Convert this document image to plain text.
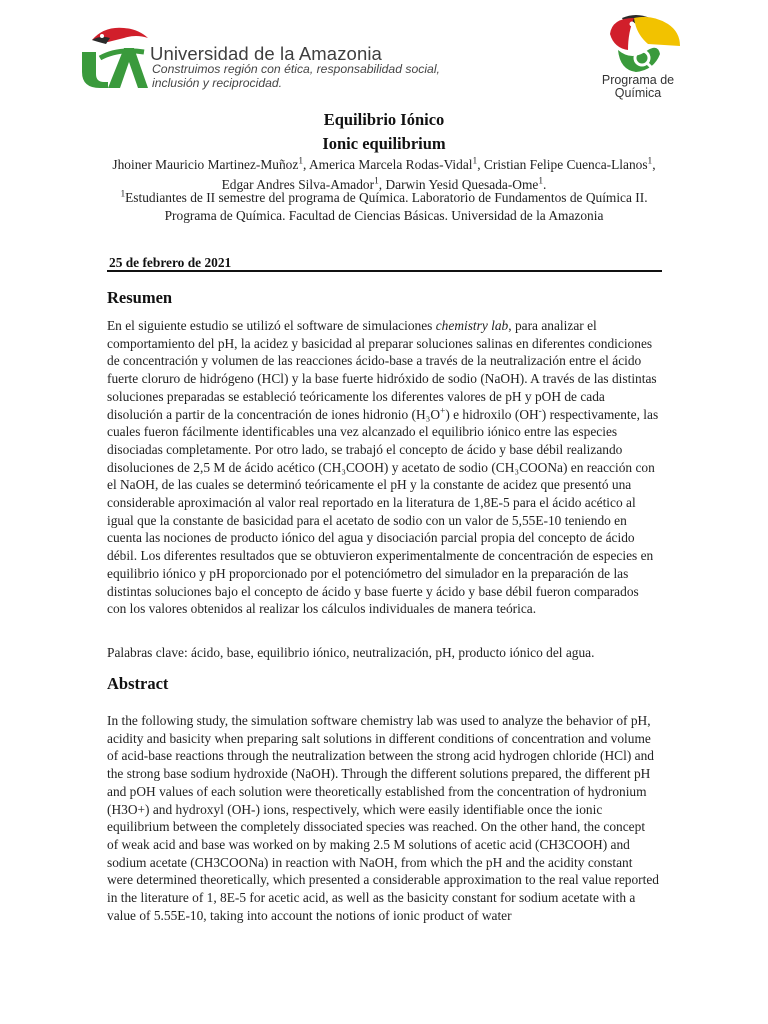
Universidad de la Amazonia
Construimos región con ética, responsabilidad social, inclusión y reciprocidad.	Programa de Química
Equilibrio Iónico
Ionic equilibrium
Jhoiner Mauricio Martinez-Muñoz$^1$, America Marcela Rodas-Vidal$^1$, Cristian Felipe Cuenca-Llanos$^1$, Edgar Andres Silva-Amador$^1$, Darwin Yesid Quesada-Ome$^1$.
$^1$Estudiantes de II semestre del programa de Química. Laboratorio de Fundamentos de Química II. Programa de Química. Facultad de Ciencias Básicas. Universidad de la Amazonia
25 de febrero de 2021
Resumen

En el siguiente estudio se utilizó el software de simulaciones chemistry lab, para analizar el comportamiento del pH, la acidez y basicidad al preparar soluciones salinas en diferentes condiciones de concentración y volumen de las reacciones ácido-base a través de la neutralización entre el ácido fuerte cloruro de hidrógeno (HCl) y la base fuerte hidróxido de sodio (NaOH). A través de las distintas soluciones preparadas se estableció teóricamente los diferentes valores de pH y pOH de cada disolución a partir de la concentración de iones hidronio (H₃O+) e hidroxilo (OH-) respectivamente, las cuales fueron fácilmente identificables una vez alcanzado el equilibrio iónico entre las especies disociadas completamente. Por otro lado, se trabajó el concepto de ácido y base débil realizando disoluciones de 2,5 M de ácido acético (CH₃COOH) y acetato de sodio (CH₃COONa) en reacción con el NaOH, de las cuales se determinó teóricamente el pH y la constante de acidez que presentó una considerable aproximación al valor real reportado en la literatura de 1,8E-5 para el ácido acético al igual que la constante de basicidad para el acetato de sodio con un valor de 5,55E-10 teniendo en cuenta las nociones de producto iónico del agua y disociación parcial propia del concepto de ácido débil. Los diferentes resultados que se obtuvieron experimentalmente de concentración de especies en equilibrio iónico y pH proporcionado por el potenciómetro del simulador en la preparación de las distintas soluciones bajo el concepto de ácido y base fuerte y ácido y base débil fueron comparados con los valores obtenidos al realizar los cálculos individuales de manera teórica.

Palabras clave: ácido, base, equilibrio iónico, neutralización, pH, producto iónico del agua.

Abstract

In the following study, the simulation software chemistry lab was used to analyze the behavior of pH, acidity and basicity when preparing salt solutions in different conditions of concentration and volume of acid-base reactions through the neutralization between the strong acid hydrogen chloride (HCl) and the strong base sodium hydroxide (NaOH). Through the different solutions prepared, the different pH and pOH values of each solution were theoretically established from the concentration of hydronium (H3O+) and hydroxyl (OH-) ions, respectively, which were easily identifiable once the ionic equilibrium between the completely dissociated species was reached. On the other hand, the concept of weak acid and base was worked on by making 2.5 M solutions of acetic acid (CH3COOH) and sodium acetate (CH3COONa) in reaction with NaOH, from which the pH and the acidity constant were determined theoretically, which presented a considerable approximation to the real value reported in the literature of 1, 8E-5 for acetic acid, as well as the basicity constant for sodium acetate with a value of 5.55E-10, taking into account the notions of ionic product of water
